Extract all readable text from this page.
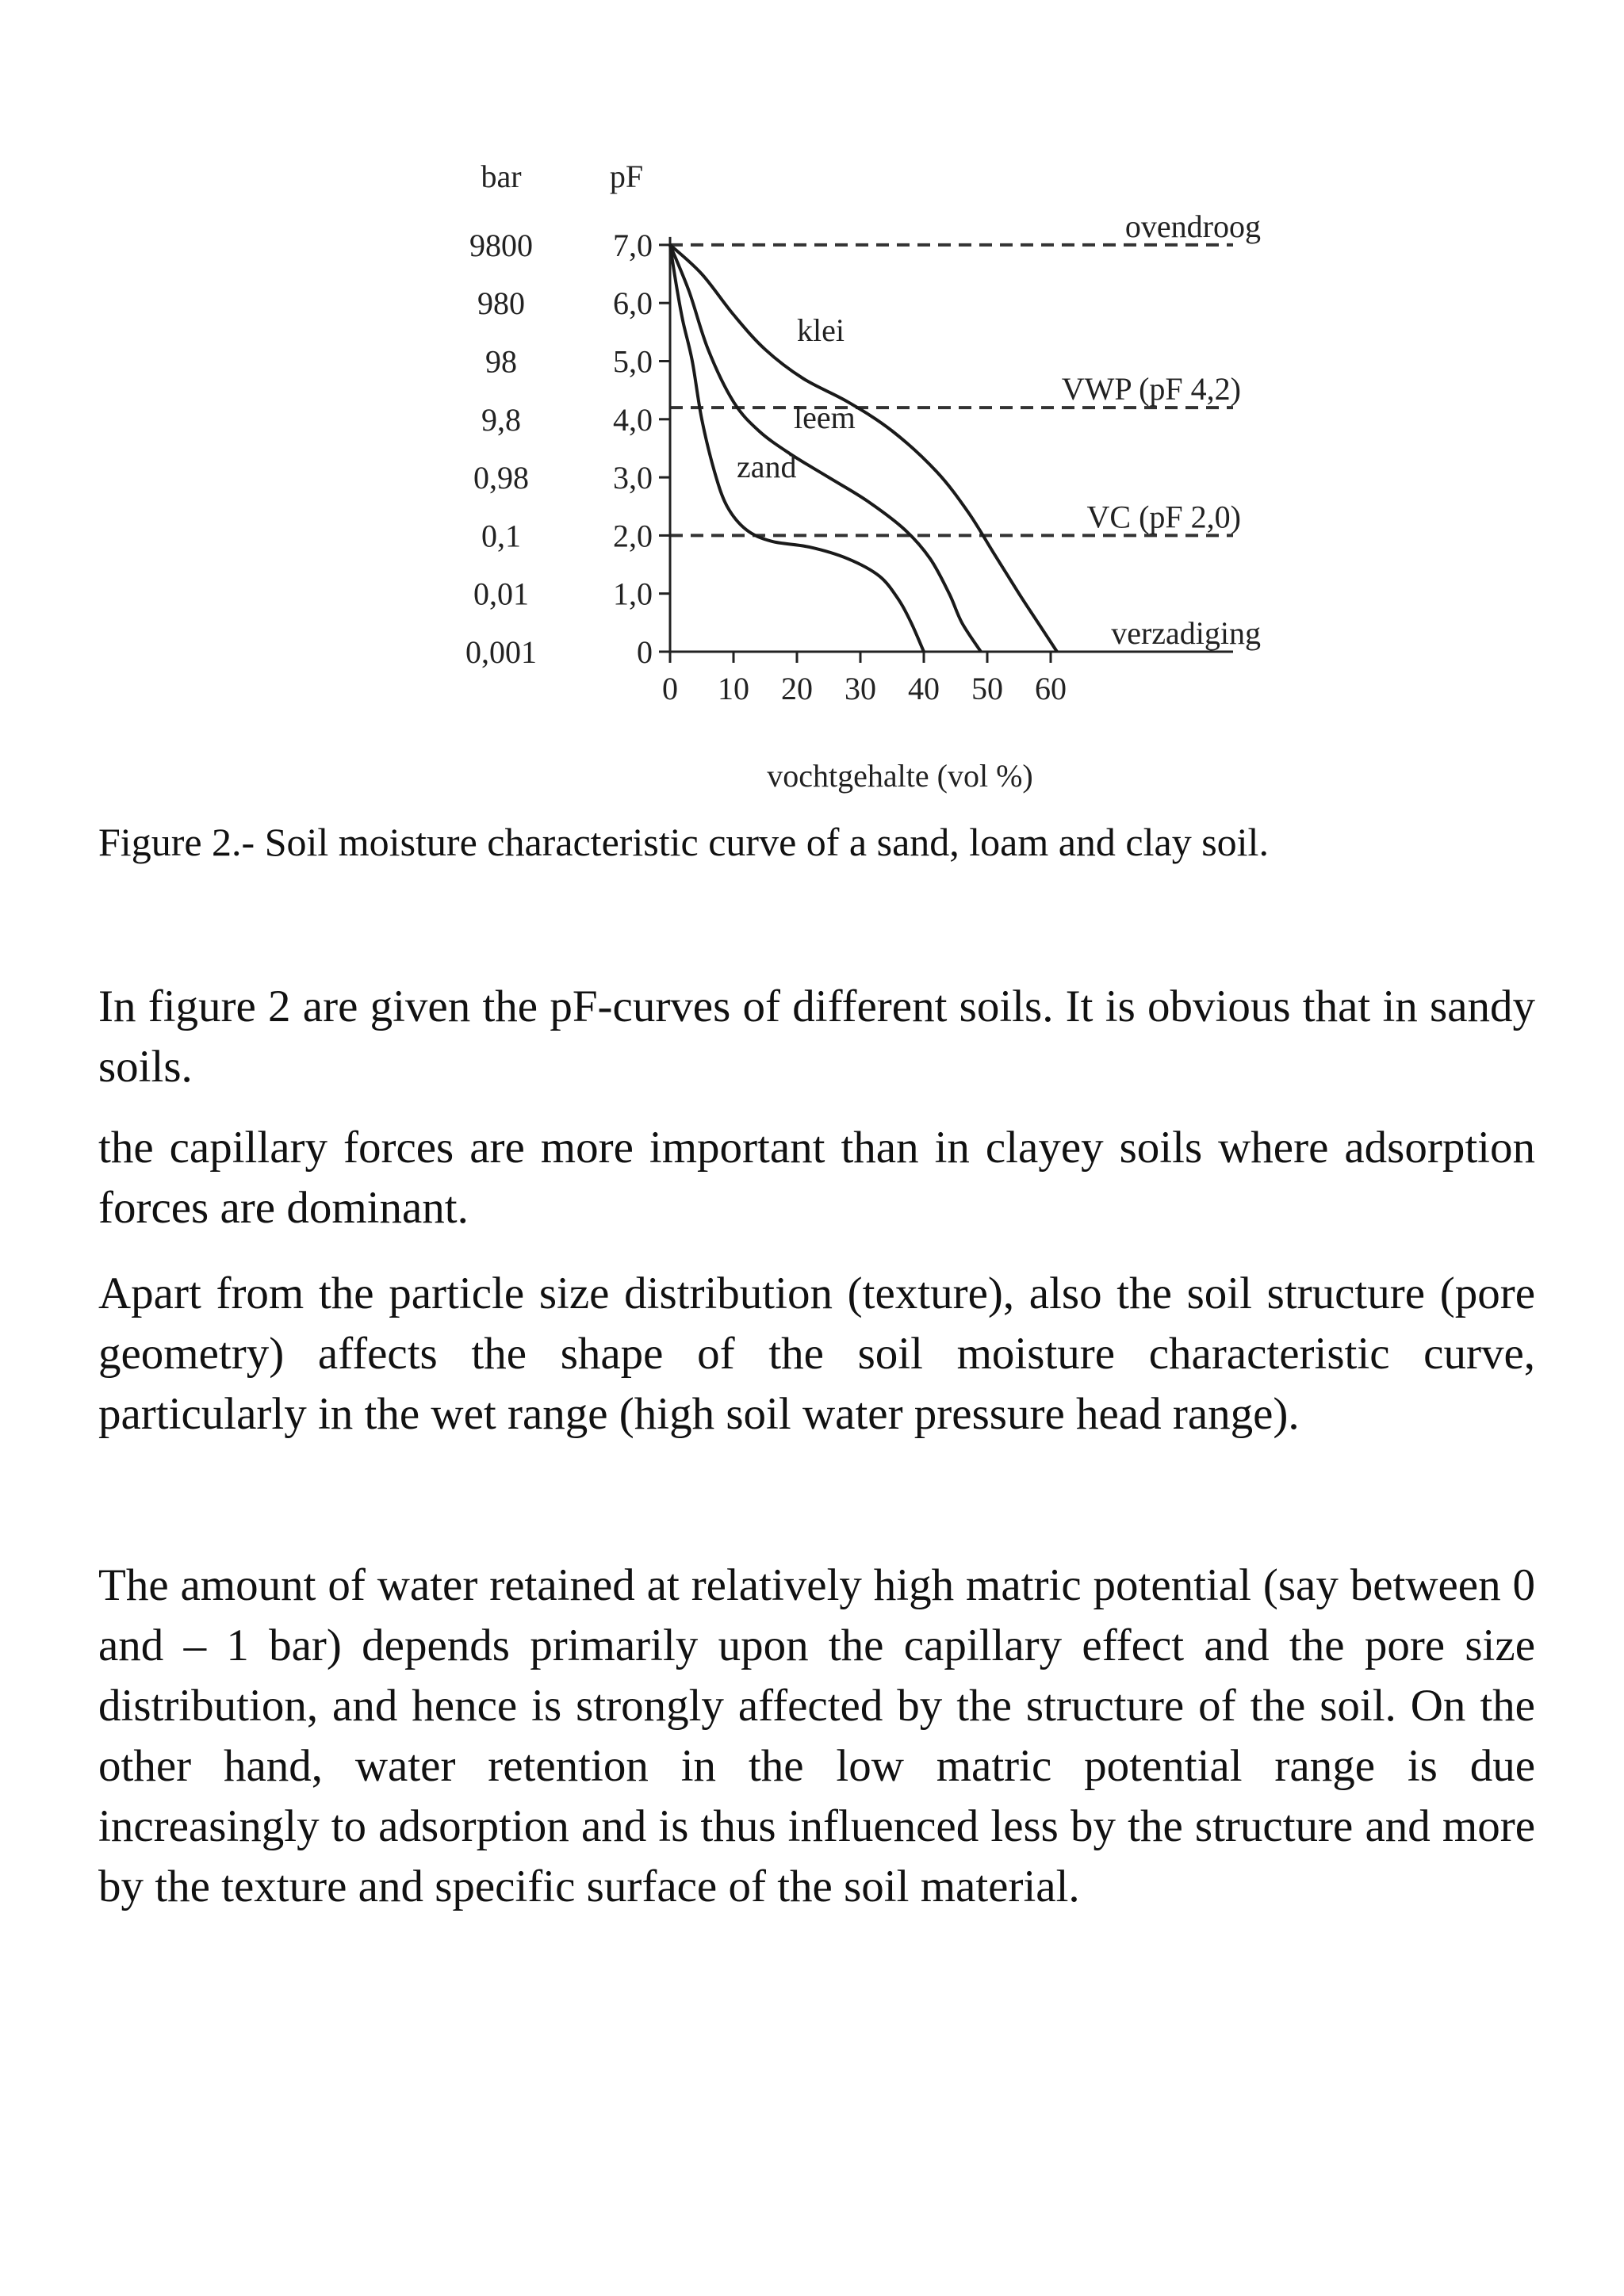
bar	pF
9800
980
98
9,8
0,98
0,1
0,01
0,001
7,0
6,0
5,0
4,0
3,0
2,0
1,0
0
0 10 20 30 40 50 60
ovendroog
VWP (pF 4,2)
VC (pF 2,0)
verzadiging
zand
leem
klei
vochtgehalte (vol %)

Figure 2.- Soil moisture characteristic curve of a sand, loam and clay soil.

In figure 2 are given the pF-curves of different soils. It is obvious that in sandy soils.

the capillary forces are more important than in clayey soils where adsorption forces are dominant.

Apart from the particle size distribution (texture), also the soil structure (pore geometry) affects the shape of the soil moisture characteristic curve, particularly in the wet range (high soil water pressure head range).

The amount of water retained at relatively high matric potential (say between 0 and – 1 bar) depends primarily upon the capillary effect and the pore size distribution, and hence is strongly affected by the structure of the soil. On the other hand, water retention in the low matric potential range is due increasingly to adsorption and is thus influenced less by the structure and more by the texture and specific surface of the soil material.
